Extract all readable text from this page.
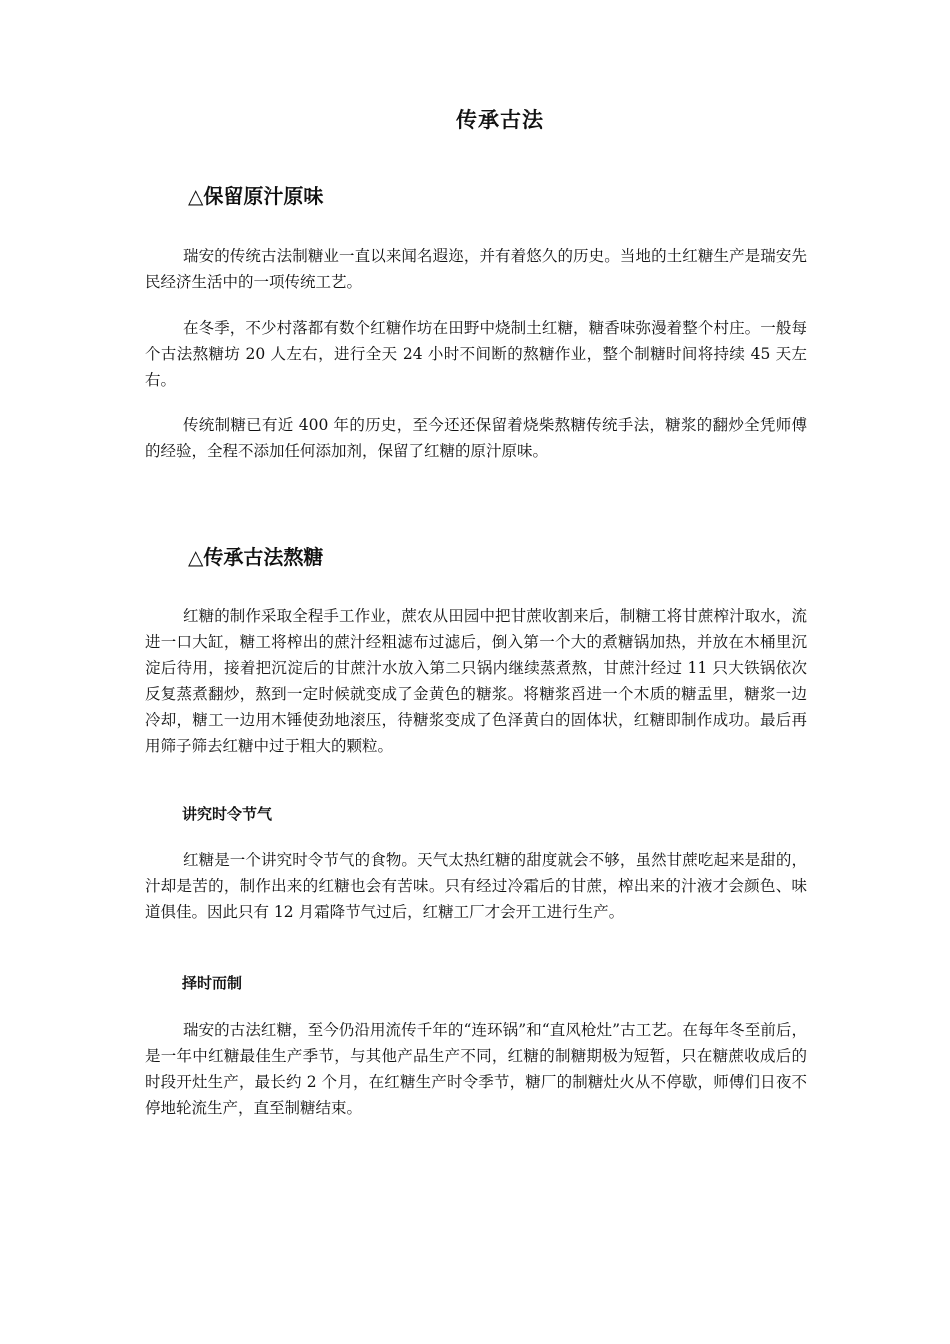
传承古法
△保留原汁原味

瑞安的传统古法制糖业一直以来闻名遐迩，并有着悠久的历史。当地的土红糖生产是瑞安先民经济生活中的一项传统工艺。

在冬季，不少村落都有数个红糖作坊在田野中烧制土红糖，糖香味弥漫着整个村庄。一般每个古法熬糖坊 20 人左右，进行全天 24 小时不间断的熬糖作业，整个制糖时间将持续 45 天左右。

传统制糖已有近 400 年的历史，至今还还保留着烧柴熬糖传统手法，糖浆的翻炒全凭师傅的经验，全程不添加任何添加剂，保留了红糖的原汁原味。

△传承古法熬糖

红糖的制作采取全程手工作业，蔗农从田园中把甘蔗收割来后，制糖工将甘蔗榨汁取水，流进一口大缸，糖工将榨出的蔗汁经粗滤布过滤后，倒入第一个大的煮糖锅加热，并放在木桶里沉淀后待用，接着把沉淀后的甘蔗汁水放入第二只锅内继续蒸煮熬，甘蔗汁经过 11 只大铁锅依次反复蒸煮翻炒，熬到一定时候就变成了金黄色的糖浆。将糖浆舀进一个木质的糖盂里，糖浆一边冷却，糖工一边用木锤使劲地滚压，待糖浆变成了色泽黄白的固体状，红糖即制作成功。最后再用筛子筛去红糖中过于粗大的颗粒。

讲究时令节气

红糖是一个讲究时令节气的食物。天气太热红糖的甜度就会不够，虽然甘蔗吃起来是甜的，汁却是苦的，制作出来的红糖也会有苦味。只有经过冷霜后的甘蔗，榨出来的汁液才会颜色、味道俱佳。因此只有 12 月霜降节气过后，红糖工厂才会开工进行生产。

择时而制

瑞安的古法红糖，至今仍沿用流传千年的“连环锅”和“直风枪灶”古工艺。在每年冬至前后，是一年中红糖最佳生产季节，与其他产品生产不同，红糖的制糖期极为短暂，只在糖蔗收成后的时段开灶生产，最长约 2 个月，在红糖生产时令季节，糖厂的制糖灶火从不停歇，师傅们日夜不停地轮流生产，直至制糖结束。
